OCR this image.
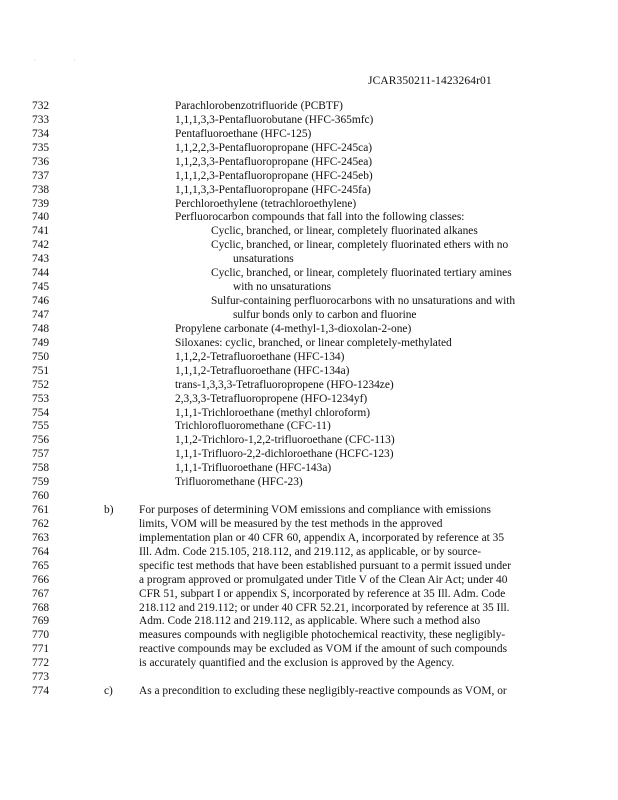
· ·
JCAR350211-1423264r01
732	Parachlorobenzotrifluoride (PCBTF)
733	1,1,1,3,3-Pentafluorobutane (HFC-365mfc)
734	Pentafluoroethane (HFC-125)
735	1,1,2,2,3-Pentafluoropropane (HFC-245ca)
736	1,1,2,3,3-Pentafluoropropane (HFC-245ea)
737	1,1,1,2,3-Pentafluoropropane (HFC-245eb)
738	1,1,1,3,3-Pentafluoropropane (HFC-245fa)
739	Perchloroethylene (tetrachloroethylene)
740	Perfluorocarbon compounds that fall into the following classes:
741	Cyclic, branched, or linear, completely fluorinated alkanes
742	Cyclic, branched, or linear, completely fluorinated ethers with no
743	unsaturations
744	Cyclic, branched, or linear, completely fluorinated tertiary amines
745	with no unsaturations
746	Sulfur-containing perfluorocarbons with no unsaturations and with
747	sulfur bonds only to carbon and fluorine
748	Propylene carbonate (4-methyl-1,3-dioxolan-2-one)
749	Siloxanes: cyclic, branched, or linear completely-methylated
750	1,1,2,2-Tetrafluoroethane (HFC-134)
751	1,1,1,2-Tetrafluoroethane (HFC-134a)
752	trans-1,3,3,3-Tetrafluoropropene (HFO-1234ze)
753	2,3,3,3-Tetrafluoropropene (HFO-1234yf)
754	1,1,1-Trichloroethane (methyl chloroform)
755	Trichlorofluoromethane (CFC-11)
756	1,1,2-Trichloro-1,2,2-trifluoroethane (CFC-113)
757	1,1,1-Trifluoro-2,2-dichloroethane (HCFC-123)
758	1,1,1-Trifluoroethane (HFC-143a)
759	Trifluoromethane (HFC-23)
760
761	b) For purposes of determining VOM emissions and compliance with emissions
762	limits, VOM will be measured by the test methods in the approved
763	implementation plan or 40 CFR 60, appendix A, incorporated by reference at 35
764	Ill. Adm. Code 215.105, 218.112, and 219.112, as applicable, or by source-
765	specific test methods that have been established pursuant to a permit issued under
766	a program approved or promulgated under Title V of the Clean Air Act; under 40
767	CFR 51, subpart I or appendix S, incorporated by reference at 35 Ill. Adm. Code
768	218.112 and 219.112; or under 40 CFR 52.21, incorporated by reference at 35 Ill.
769	Adm. Code 218.112 and 219.112, as applicable. Where such a method also
770	measures compounds with negligible photochemical reactivity, these negligibly-
771	reactive compounds may be excluded as VOM if the amount of such compounds
772	is accurately quantified and the exclusion is approved by the Agency.
773
774	c) As a precondition to excluding these negligibly-reactive compounds as VOM, or
